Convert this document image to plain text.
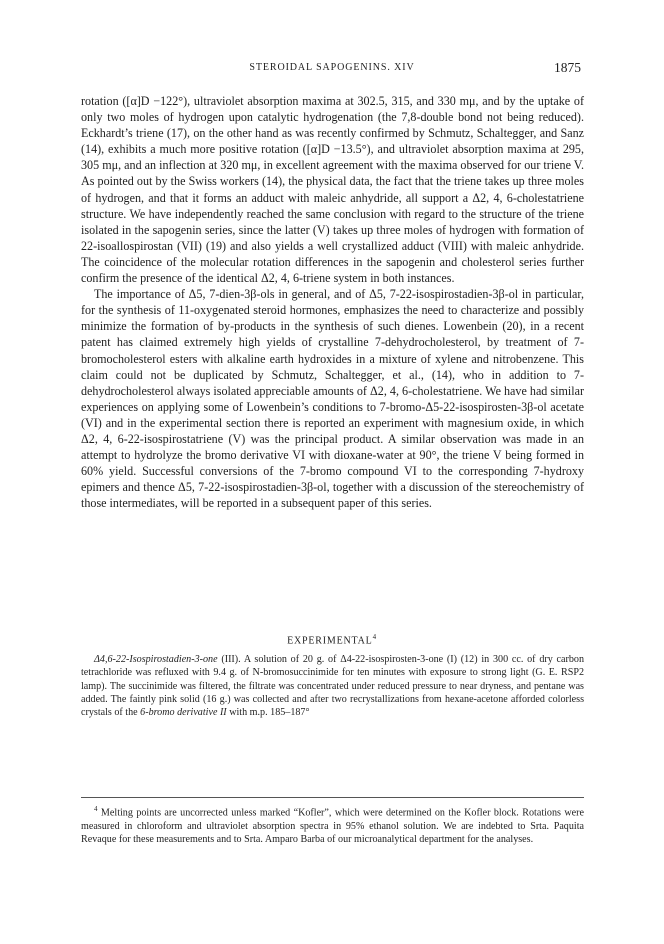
STEROIDAL SAPOGENINS. XIV	1875

rotation ([α]D −122°), ultraviolet absorption maxima at 302.5, 315, and 330 mμ, and by the uptake of only two moles of hydrogen upon catalytic hydrogenation (the 7,8-double bond not being reduced). Eckhardt’s triene (17), on the other hand as was recently confirmed by Schmutz, Schaltegger, and Sanz (14), exhibits a much more positive rotation ([α]D −13.5°), and ultraviolet absorption maxima at 295, 305 mμ, and an inflection at 320 mμ, in excellent agreement with the maxima observed for our triene V. As pointed out by the Swiss workers (14), the physical data, the fact that the triene takes up three moles of hydrogen, and that it forms an adduct with maleic anhydride, all support a Δ2, 4, 6-cholestatriene structure. We have independently reached the same conclusion with regard to the structure of the triene isolated in the sapogenin series, since the latter (V) takes up three moles of hydrogen with formation of 22-isoallospirostan (VII) (19) and also yields a well crystallized adduct (VIII) with maleic anhydride. The coincidence of the molecular rotation differences in the sapogenin and cholesterol series further confirm the presence of the identical Δ2, 4, 6-triene system in both instances.

The importance of Δ5, 7-dien-3β-ols in general, and of Δ5, 7-22-isospirostadien-3β-ol in particular, for the synthesis of 11-oxygenated steroid hormones, emphasizes the need to characterize and possibly minimize the formation of by-products in the synthesis of such dienes. Lowenbein (20), in a recent patent has claimed extremely high yields of crystalline 7-dehydrocholesterol, by treatment of 7-bromocholesterol esters with alkaline earth hydroxides in a mixture of xylene and nitrobenzene. This claim could not be duplicated by Schmutz, Schaltegger, et al., (14), who in addition to 7-dehydrocholesterol always isolated appreciable amounts of Δ2, 4, 6-cholestatriene. We have had similar experiences on applying some of Lowenbein’s conditions to 7-bromo-Δ5-22-isospirosten-3β-ol acetate (VI) and in the experimental section there is reported an experiment with magnesium oxide, in which Δ2, 4, 6-22-isospirostatriene (V) was the principal product. A similar observation was made in an attempt to hydrolyze the bromo derivative VI with dioxane-water at 90°, the triene V being formed in 60% yield. Successful conversions of the 7-bromo compound VI to the corresponding 7-hydroxy epimers and thence Δ5, 7-22-isospirostadien-3β-ol, together with a discussion of the stereochemistry of those intermediates, will be reported in a subsequent paper of this series.

EXPERIMENTAL$^4$

Δ4,6-22-Isospirostadien-3-one (III). A solution of 20 g. of Δ4-22-isospirosten-3-one (I) (12) in 300 cc. of dry carbon tetrachloride was refluxed with 9.4 g. of N-bromosuccinimide for ten minutes with exposure to strong light (G. E. RSP2 lamp). The succinimide was filtered, the filtrate was concentrated under reduced pressure to near dryness, and pentane was added. The faintly pink solid (16 g.) was collected and after two recrystallizations from hexane-acetone afforded colorless crystals of the 6-bromo derivative II with m.p. 185–187°

$^4$ Melting points are uncorrected unless marked “Kofler”, which were determined on the Kofler block. Rotations were measured in chloroform and ultraviolet absorption spectra in 95% ethanol solution. We are indebted to Srta. Paquita Revaque for these measurements and to Srta. Amparo Barba of our microanalytical department for the analyses.
